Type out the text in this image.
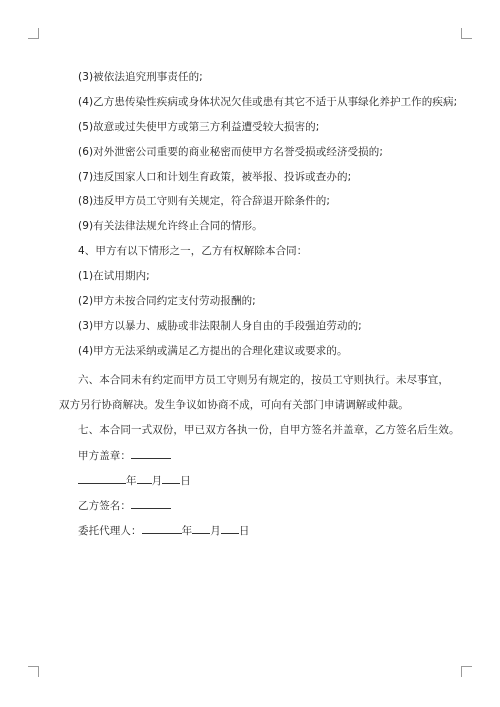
(3)被依法追究刑事责任的;
(4)乙方患传染性疾病或身体状况欠佳或患有其它不适于从事绿化养护工作的疾病;
(5)故意或过失使甲方或第三方利益遭受较大损害的;
(6)对外泄密公司重要的商业秘密而使甲方名誉受损或经济受损的;
(7)违反国家人口和计划生育政策，被举报、投诉或查办的;
(8)违反甲方员工守则有关规定，符合辞退开除条件的;
(9)有关法律法规允许终止合同的情形。
4、甲方有以下情形之一，乙方有权解除本合同：
(1)在试用期内;
(2)甲方未按合同约定支付劳动报酬的;
(3)甲方以暴力、威胁或非法限制人身自由的手段强迫劳动的;
(4)甲方无法采纳或满足乙方提出的合理化建议或要求的。
六、本合同未有约定而甲方员工守则另有规定的，按员工守则执行。未尽事宜，
双方另行协商解决。发生争议如协商不成，可向有关部门申请调解或仲裁。
七、本合同一式双份，甲已双方各执一份，自甲方签名并盖章，乙方签名后生效。
甲方盖章：
年 月 日
乙方签名：
委托代理人：	年 月 日
